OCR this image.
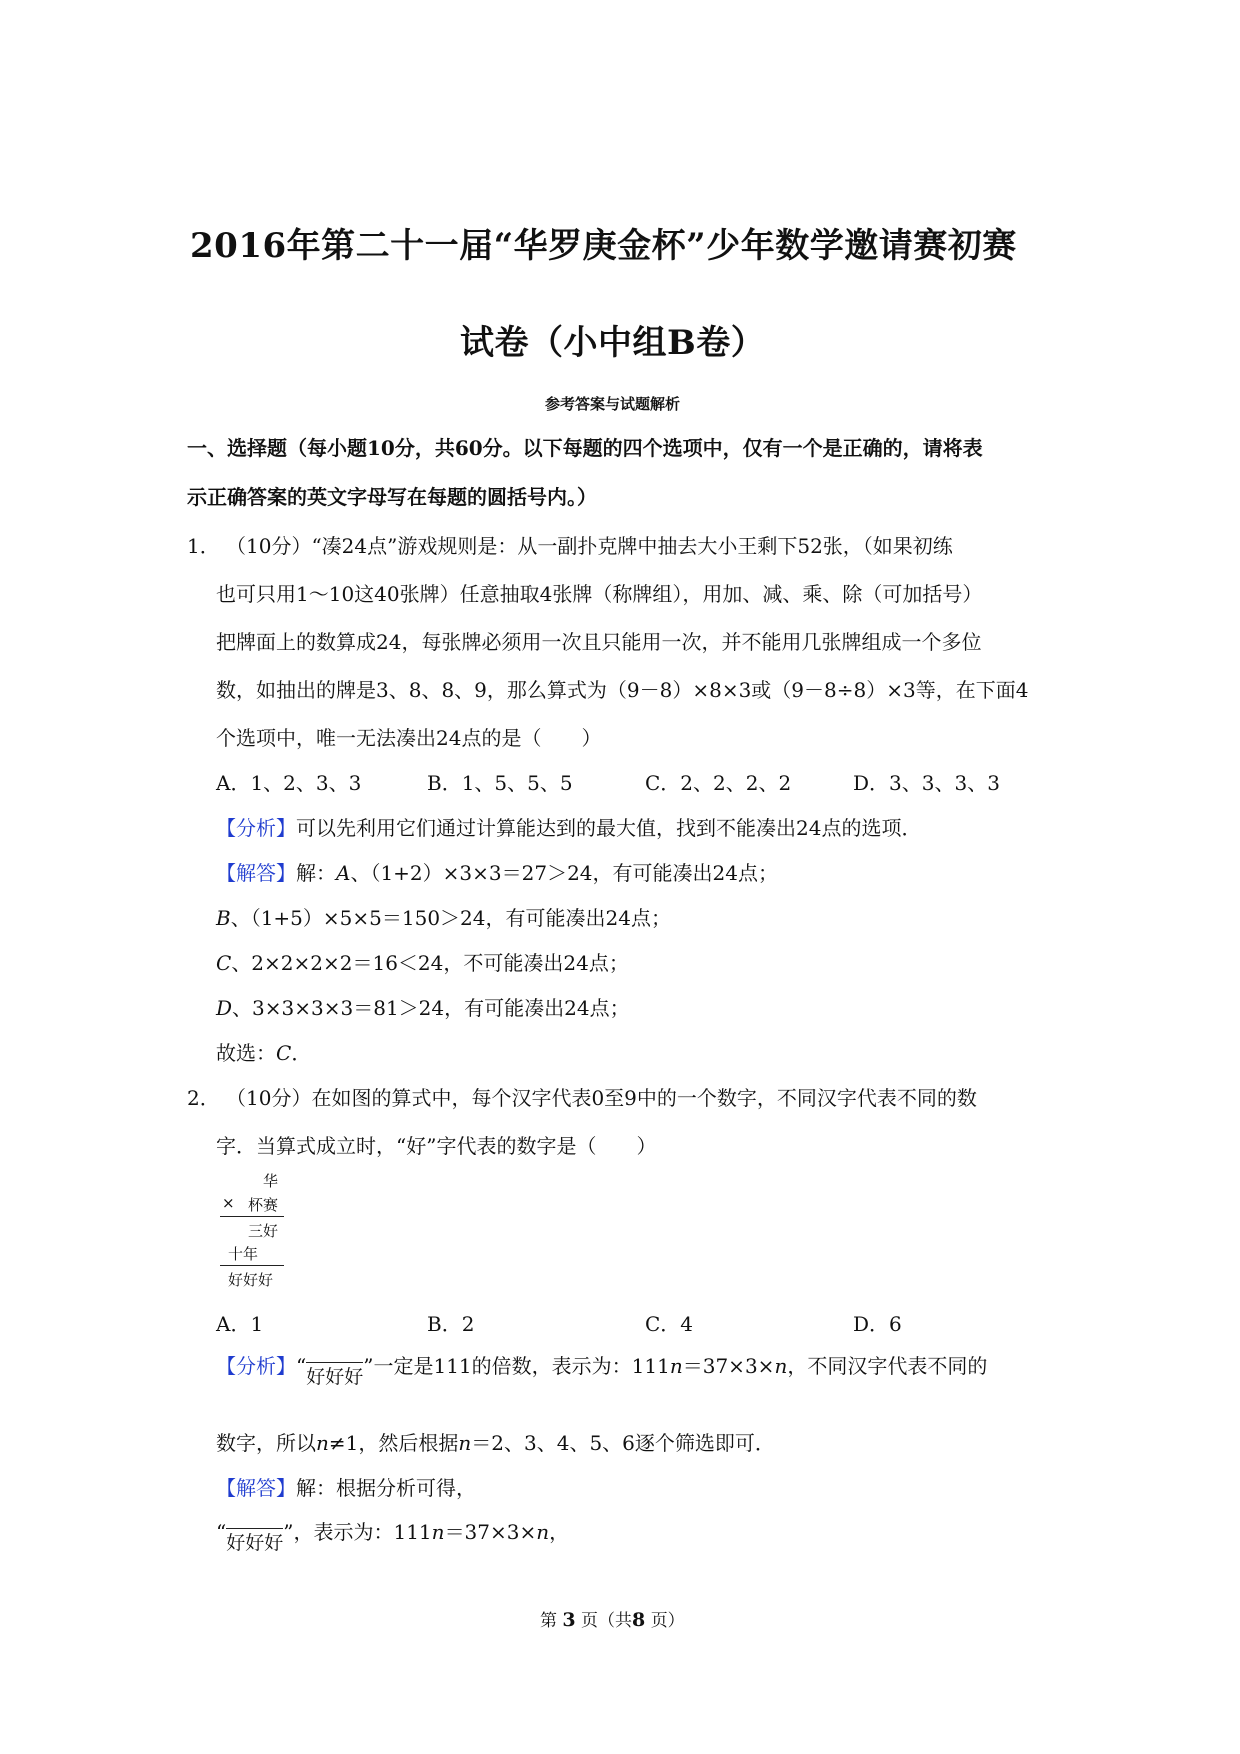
2016年第二十一届“华罗庚金杯”少年数学邀请赛初赛
试卷（小中组B卷）
参考答案与试题解析
一、选择题（每小题10分，共60分。以下每题的四个选项中，仅有一个是正确的，请将表
示正确答案的英文字母写在每题的圆括号内。）
1． （10分）“凑24点”游戏规则是：从一副扑克牌中抽去大小王剩下52张，（如果初练
也可只用1～10这40张牌）任意抽取4张牌（称牌组），用加、减、乘、除（可加括号）
把牌面上的数算成24，每张牌必须用一次且只能用一次，并不能用几张牌组成一个多位
数，如抽出的牌是3、8、8、9，那么算式为（9－8）×8×3或（9－8÷8）×3等，在下面4
个选项中，唯一无法凑出24点的是（　　）
A．1、2、3、3	B．1、5、5、5	C．2、2、2、2	D．3、3、3、3
【分析】可以先利用它们通过计算能达到的最大值，找到不能凑出24点的选项．
【解答】解：A、（1+2）×3×3＝27＞24，有可能凑出24点；
B、（1+5）×5×5＝150＞24，有可能凑出24点；
C、2×2×2×2＝16＜24，不可能凑出24点；
D、3×3×3×3＝81＞24，有可能凑出24点；
故选：C．
2． （10分）在如图的算式中，每个汉字代表0至9中的一个数字，不同汉字代表不同的数
字．当算式成立时，“好”字代表的数字是（　　）
华
× 杯赛
三好
十年
好好好
A．1	B．2	C．4	D．6
【分析】“好好好”一定是111的倍数，表示为：111n＝37×3×n，不同汉字代表不同的
数字，所以n≠1，然后根据n＝2、3、4、5、6逐个筛选即可．
【解答】解：根据分析可得，
“好好好”，表示为：111n＝37×3×n，
第 3 页（共8 页）
